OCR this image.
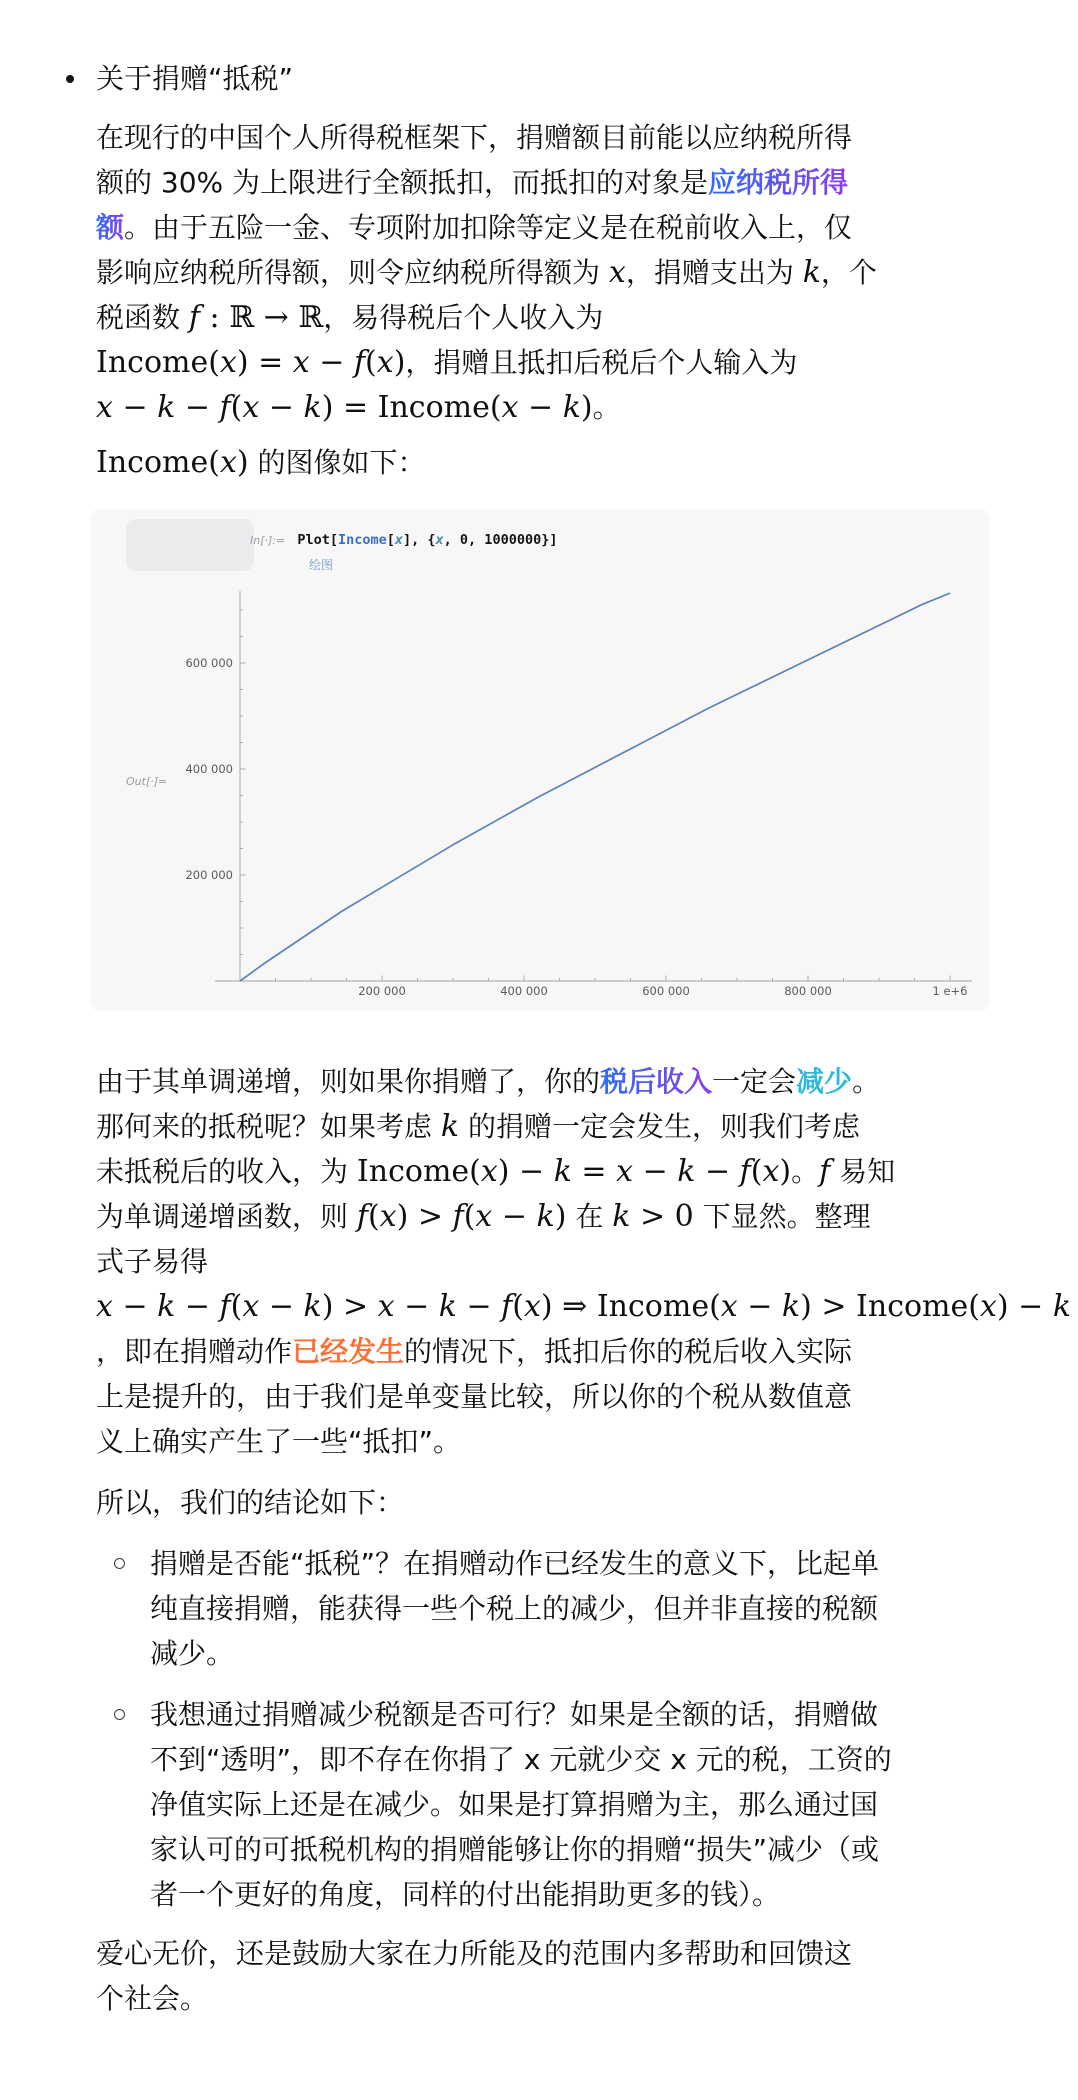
关于捐赠“抵税”
在现行的中国个人所得税框架下，捐赠额目前能以应纳税所得
额的 30% 为上限进行全额抵扣，而抵扣的对象是应纳税所得
额。由于五险一金、专项附加扣除等定义是在税前收入上，仅
影响应纳税所得额，则令应纳税所得额为 x，捐赠支出为 k，个
税函数 f : ℝ → ℝ，易得税后个人收入为
Income(x) = x − f(x)，捐赠且抵扣后税后个人输入为
x − k − f(x − k) = Income(x − k)。
Income(x) 的图像如下：
In[·]:= Plot[Income[x], {x, 0, 1000000}]
绘图
Out[·]=
200 000	400 000	600 000	800 000	1 e+6
200 000
400 000
600 000
由于其单调递增，则如果你捐赠了，你的税后收入一定会减少。
那何来的抵税呢？如果考虑 k 的捐赠一定会发生，则我们考虑
未抵税后的收入，为 Income(x) − k = x − k − f(x)。f 易知
为单调递增函数，则 f(x) > f(x − k) 在 k > 0 下显然。整理
式子易得
x − k − f(x − k) > x − k − f(x) ⇒ Income(x − k) > Income(x) − k
，即在捐赠动作已经发生的情况下，抵扣后你的税后收入实际
上是提升的，由于我们是单变量比较，所以你的个税从数值意
义上确实产生了一些“抵扣”。
所以，我们的结论如下：
捐赠是否能“抵税”？在捐赠动作已经发生的意义下，比起单
纯直接捐赠，能获得一些个税上的减少，但并非直接的税额
减少。
我想通过捐赠减少税额是否可行？如果是全额的话，捐赠做
不到“透明”，即不存在你捐了 x 元就少交 x 元的税，工资的
净值实际上还是在减少。如果是打算捐赠为主，那么通过国
家认可的可抵税机构的捐赠能够让你的捐赠“损失”减少（或
者一个更好的角度，同样的付出能捐助更多的钱）。
爱心无价，还是鼓励大家在力所能及的范围内多帮助和回馈这
个社会。
